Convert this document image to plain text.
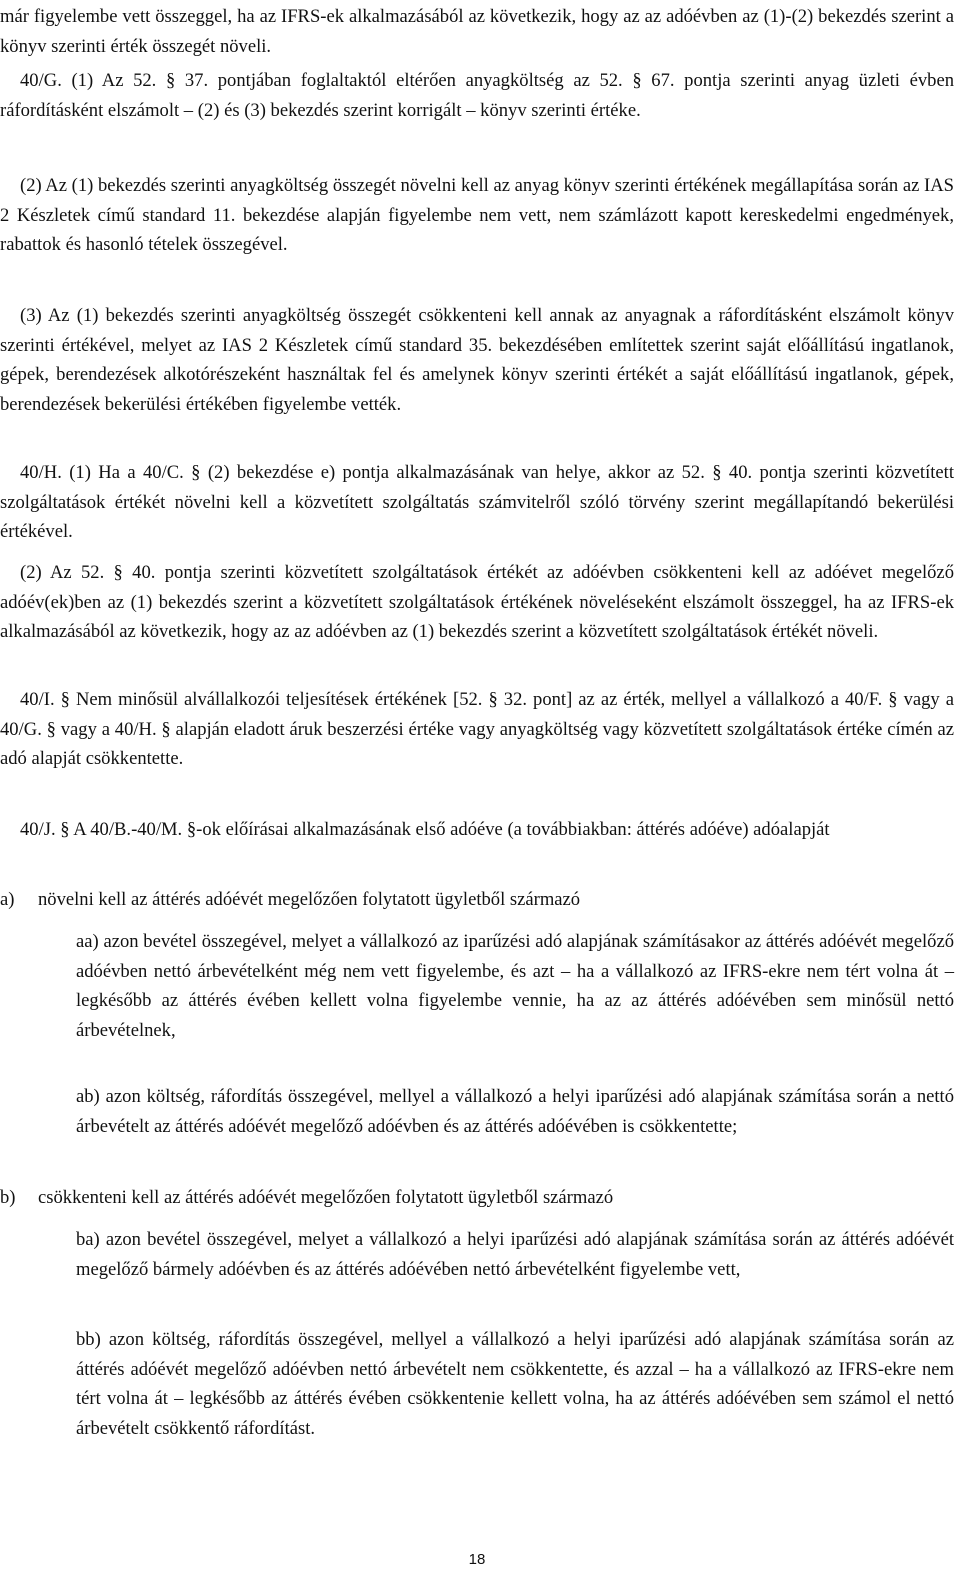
már figyelembe vett összeggel, ha az IFRS-ek alkalmazásából az következik, hogy az az adóévben az (1)-(2) bekezdés szerint a könyv szerinti érték összegét növeli.

40/G. (1) Az 52. § 37. pontjában foglaltaktól eltérően anyagköltség az 52. § 67. pontja szerinti anyag üzleti évben ráfordításként elszámolt – (2) és (3) bekezdés szerint korrigált – könyv szerinti értéke.

(2) Az (1) bekezdés szerinti anyagköltség összegét növelni kell az anyag könyv szerinti értékének megállapítása során az IAS 2 Készletek című standard 11. bekezdése alapján figyelembe nem vett, nem számlázott kapott kereskedelmi engedmények, rabattok és hasonló tételek összegével.

(3) Az (1) bekezdés szerinti anyagköltség összegét csökkenteni kell annak az anyagnak a ráfordításként elszámolt könyv szerinti értékével, melyet az IAS 2 Készletek című standard 35. bekezdésében említettek szerint saját előállítású ingatlanok, gépek, berendezések alkotórészeként használtak fel és amelynek könyv szerinti értékét a saját előállítású ingatlanok, gépek, berendezések bekerülési értékében figyelembe vették.

40/H. (1) Ha a 40/C. § (2) bekezdése e) pontja alkalmazásának van helye, akkor az 52. § 40. pontja szerinti közvetített szolgáltatások értékét növelni kell a közvetített szolgáltatás számvitelről szóló törvény szerint megállapítandó bekerülési értékével.

(2) Az 52. § 40. pontja szerinti közvetített szolgáltatások értékét az adóévben csökkenteni kell az adóévet megelőző adóév(ek)ben az (1) bekezdés szerint a közvetített szolgáltatások értékének növeléseként elszámolt összeggel, ha az IFRS-ek alkalmazásából az következik, hogy az az adóévben az (1) bekezdés szerint a közvetített szolgáltatások értékét növeli.

40/I. § Nem minősül alvállalkozói teljesítések értékének [52. § 32. pont] az az érték, mellyel a vállalkozó a 40/F. § vagy a 40/G. § vagy a 40/H. § alapján eladott áruk beszerzési értéke vagy anyagköltség vagy közvetített szolgáltatások értéke címén az adó alapját csökkentette.

40/J. § A 40/B.-40/M. §-ok előírásai alkalmazásának első adóéve (a továbbiakban: áttérés adóéve) adóalapját

a) növelni kell az áttérés adóévét megelőzően folytatott ügyletből származó

aa) azon bevétel összegével, melyet a vállalkozó az iparűzési adó alapjának számításakor az áttérés adóévét megelőző adóévben nettó árbevételként még nem vett figyelembe, és azt – ha a vállalkozó az IFRS-ekre nem tért volna át – legkésőbb az áttérés évében kellett volna figyelembe vennie, ha az az áttérés adóévében sem minősül nettó árbevételnek,

ab) azon költség, ráfordítás összegével, mellyel a vállalkozó a helyi iparűzési adó alapjának számítása során a nettó árbevételt az áttérés adóévét megelőző adóévben és az áttérés adóévében is csökkentette;

b) csökkenteni kell az áttérés adóévét megelőzően folytatott ügyletből származó

ba) azon bevétel összegével, melyet a vállalkozó a helyi iparűzési adó alapjának számítása során az áttérés adóévét megelőző bármely adóévben és az áttérés adóévében nettó árbevételként figyelembe vett,

bb) azon költség, ráfordítás összegével, mellyel a vállalkozó a helyi iparűzési adó alapjának számítása során az áttérés adóévét megelőző adóévben nettó árbevételt nem csökkentette, és azzal – ha a vállalkozó az IFRS-ekre nem tért volna át – legkésőbb az áttérés évében csökkentenie kellett volna, ha az áttérés adóévében sem számol el nettó árbevételt csökkentő ráfordítást.

18
